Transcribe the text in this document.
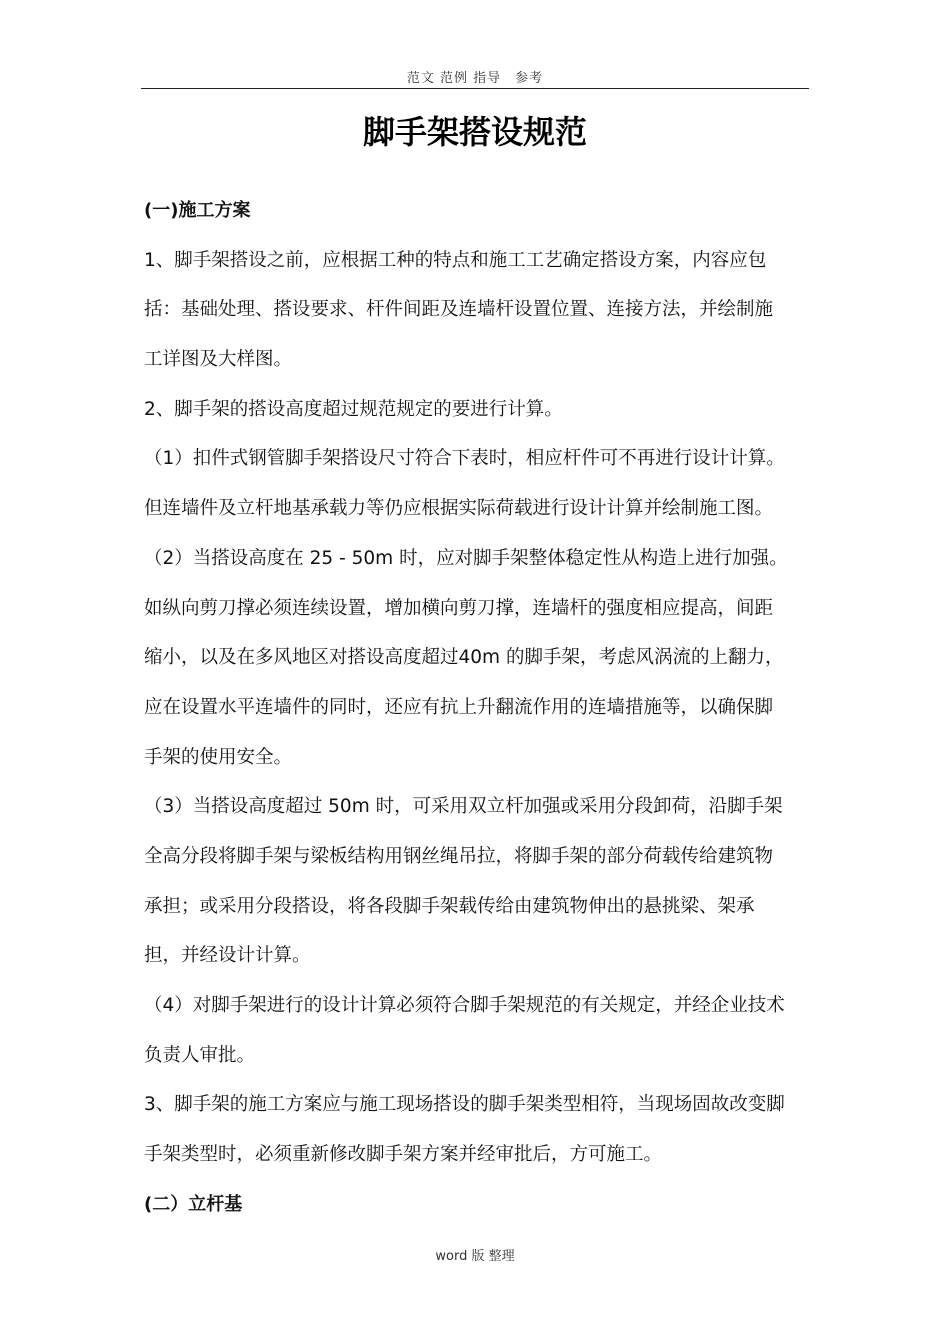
范文 范例 指导　参考
脚手架搭设规范
(一)施工方案
1、脚手架搭设之前，应根据工种的特点和施工工艺确定搭设方案，内容应包
括：基础处理、搭设要求、杆件间距及连墙杆设置位置、连接方法，并绘制施
工详图及大样图。
2、脚手架的搭设高度超过规范规定的要进行计算。
（1）扣件式钢管脚手架搭设尺寸符合下表时，相应杆件可不再进行设计计算。
但连墙件及立杆地基承载力等仍应根据实际荷载进行设计计算并绘制施工图。
（2）当搭设高度在 25 - 50m 时，应对脚手架整体稳定性从构造上进行加强。
如纵向剪刀撑必须连续设置，增加横向剪刀撑，连墙杆的强度相应提高，间距
缩小，以及在多风地区对搭设高度超过40m 的脚手架，考虑风涡流的上翻力，
应在设置水平连墙件的同时，还应有抗上升翻流作用的连墙措施等，以确保脚
手架的使用安全。
（3）当搭设高度超过 50m 时，可采用双立杆加强或采用分段卸荷，沿脚手架
全高分段将脚手架与梁板结构用钢丝绳吊拉，将脚手架的部分荷载传给建筑物
承担；或采用分段搭设，将各段脚手架载传给由建筑物伸出的悬挑梁、架承
担，并经设计计算。
（4）对脚手架进行的设计计算必须符合脚手架规范的有关规定，并经企业技术
负责人审批。
3、脚手架的施工方案应与施工现场搭设的脚手架类型相符，当现场固故改变脚
手架类型时，必须重新修改脚手架方案并经审批后，方可施工。
(二）立杆基
word 版 整理
